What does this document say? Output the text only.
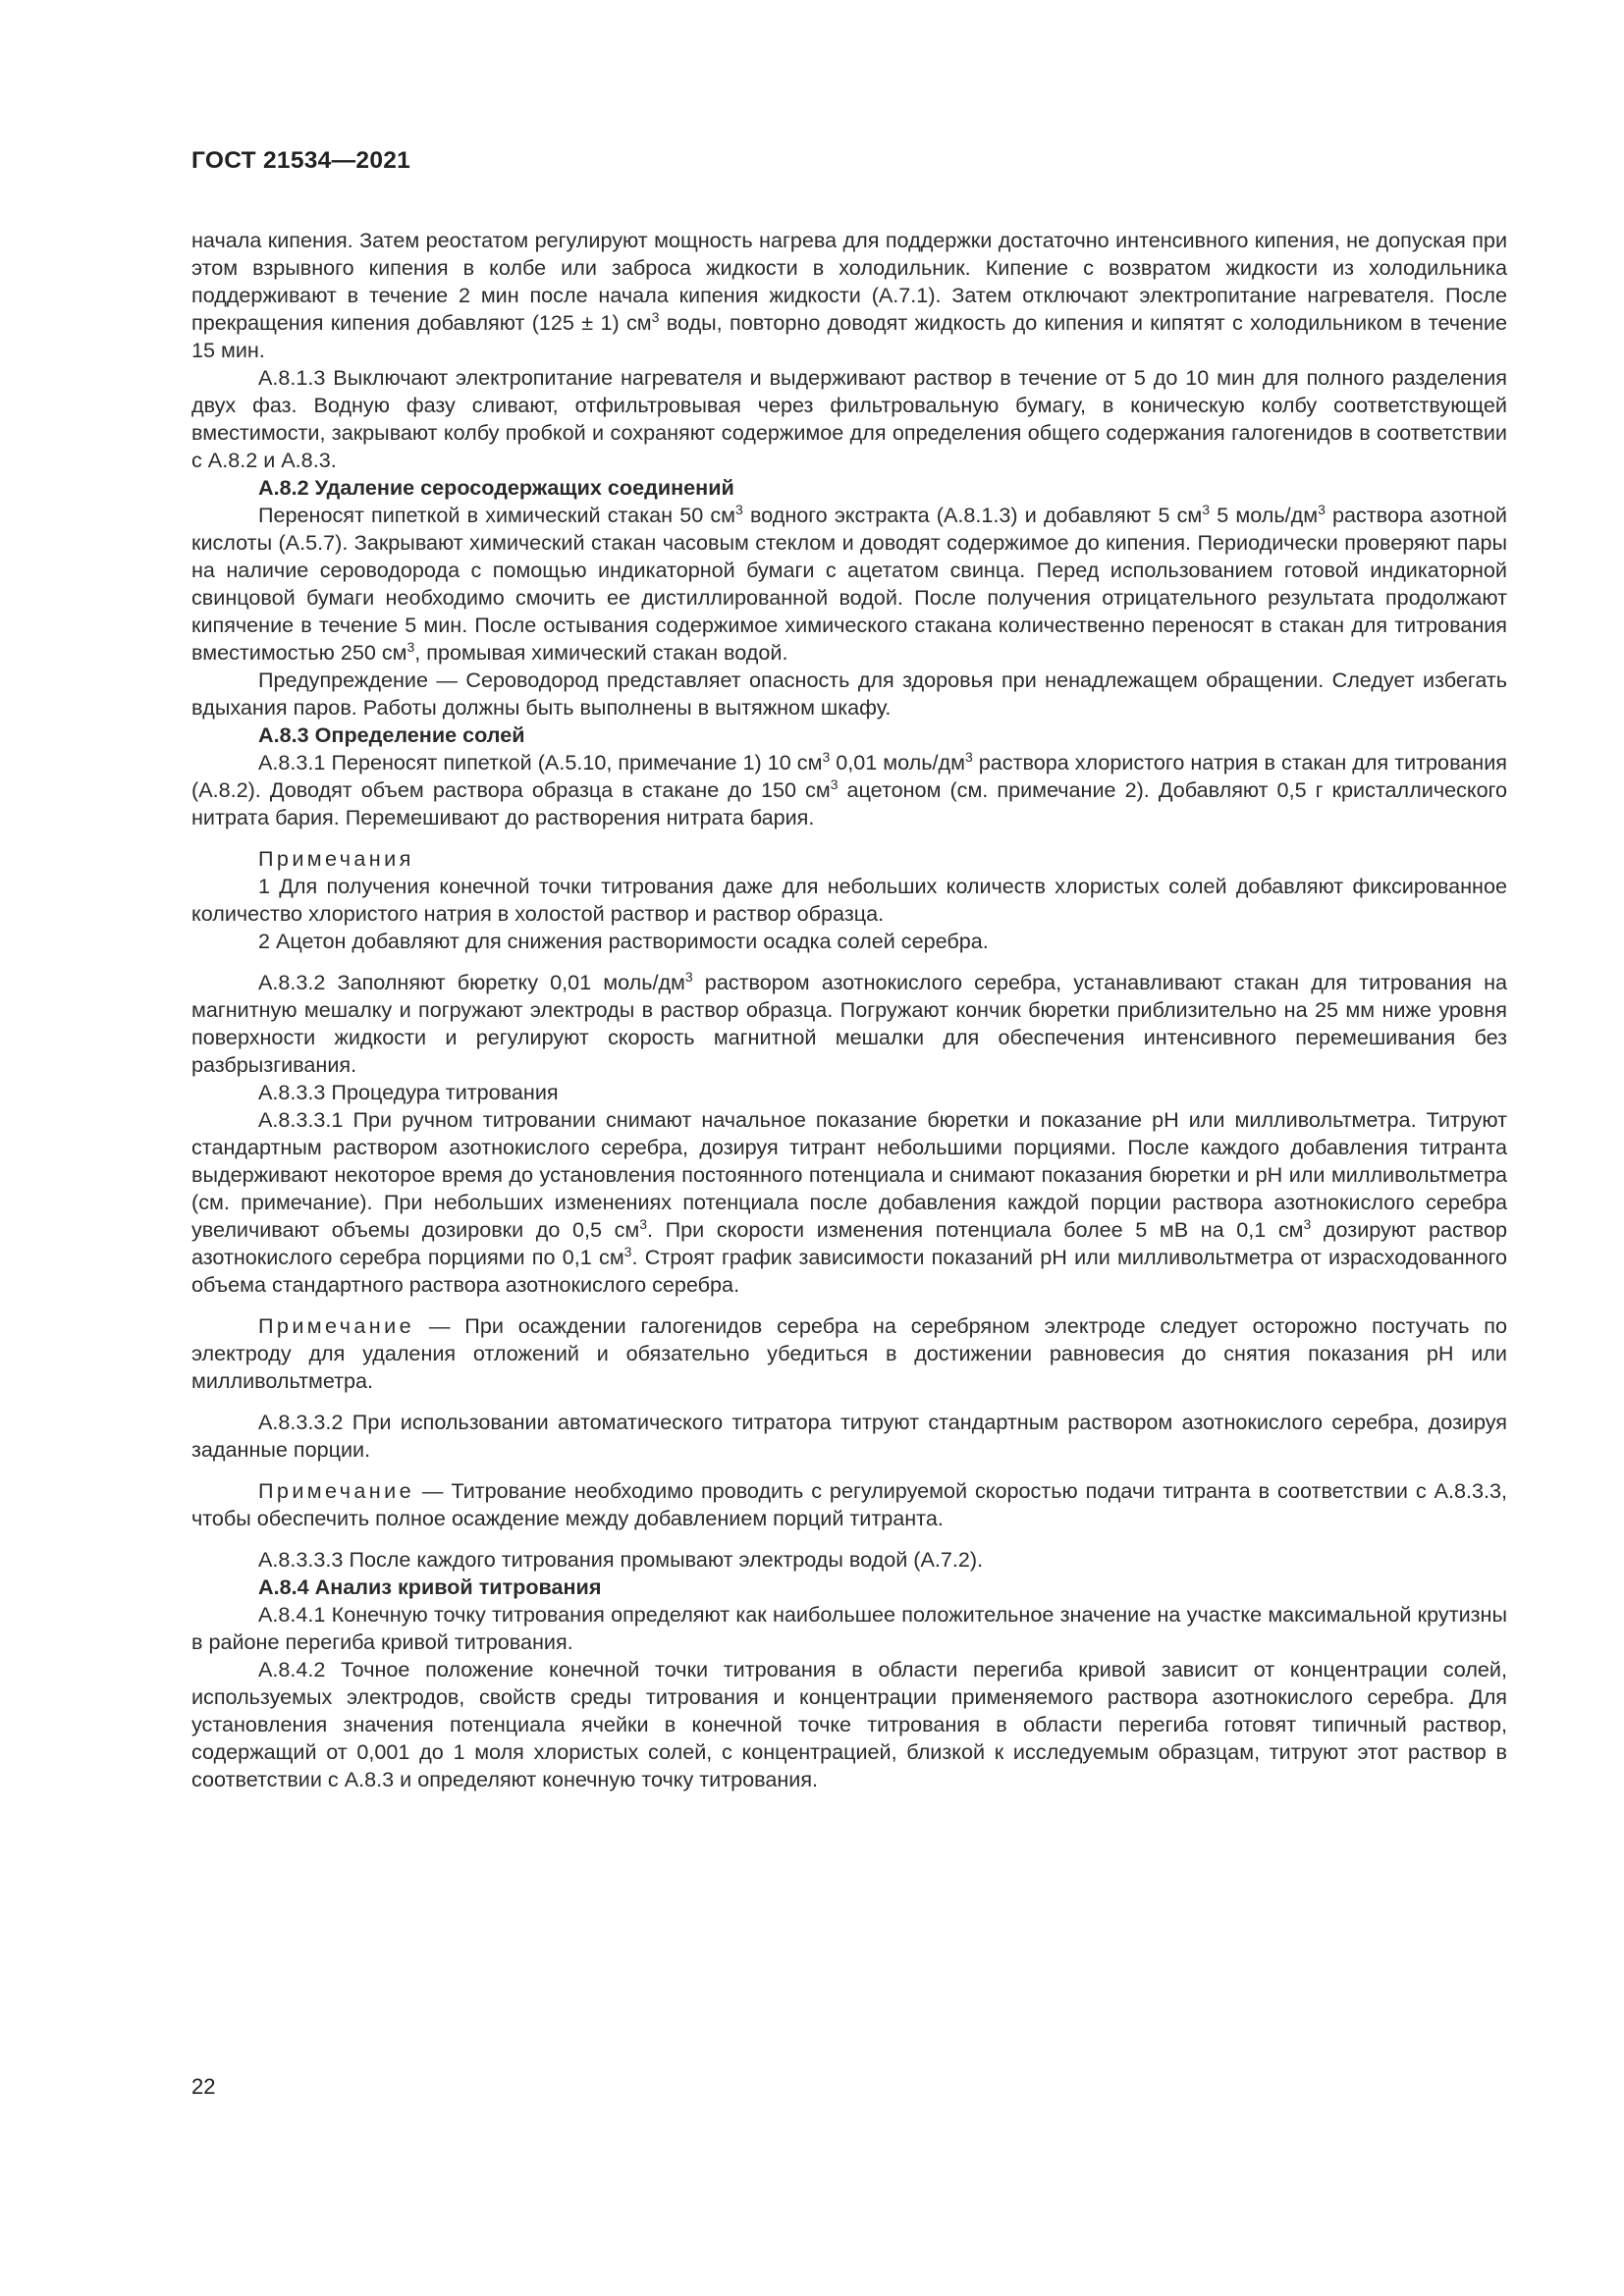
ГОСТ 21534—2021

начала кипения. Затем реостатом регулируют мощность нагрева для поддержки достаточно интенсивного кипения, не допуская при этом взрывного кипения в колбе или заброса жидкости в холодильник. Кипение с возвратом жидкости из холодильника поддерживают в течение 2 мин после начала кипения жидкости (А.7.1). Затем отключают электропитание нагревателя. После прекращения кипения добавляют (125 ± 1) $см^3$ воды, повторно доводят жидкость до кипения и кипятят с холодильником в течение 15 мин.

А.8.1.3 Выключают электропитание нагревателя и выдерживают раствор в течение от 5 до 10 мин для полного разделения двух фаз. Водную фазу сливают, отфильтровывая через фильтровальную бумагу, в коническую колбу соответствующей вместимости, закрывают колбу пробкой и сохраняют содержимое для определения общего содержания галогенидов в соответствии с А.8.2 и А.8.3.

А.8.2 Удаление серосодержащих соединений

Переносят пипеткой в химический стакан 50 $см^3$ водного экстракта (А.8.1.3) и добавляют 5 $см^3$ 5 моль/$дм^3$ раствора азотной кислоты (А.5.7). Закрывают химический стакан часовым стеклом и доводят содержимое до кипения. Периодически проверяют пары на наличие сероводорода с помощью индикаторной бумаги с ацетатом свинца. Перед использованием готовой индикаторной свинцовой бумаги необходимо смочить ее дистиллированной водой. После получения отрицательного результата продолжают кипячение в течение 5 мин. После остывания содержимое химического стакана количественно переносят в стакан для титрования вместимостью 250 $см^3$, промывая химический стакан водой.

Предупреждение — Сероводород представляет опасность для здоровья при ненадлежащем обращении. Следует избегать вдыхания паров. Работы должны быть выполнены в вытяжном шкафу.

А.8.3 Определение солей

А.8.3.1 Переносят пипеткой (А.5.10, примечание 1) 10 $см^3$ 0,01 моль/$дм^3$ раствора хлористого натрия в стакан для титрования (А.8.2). Доводят объем раствора образца в стакане до 150 $см^3$ ацетоном (см. примечание 2). Добавляют 0,5 г кристаллического нитрата бария. Перемешивают до растворения нитрата бария.

Примечания

1 Для получения конечной точки титрования даже для небольших количеств хлористых солей добавляют фиксированное количество хлористого натрия в холостой раствор и раствор образца.

2 Ацетон добавляют для снижения растворимости осадка солей серебра.

А.8.3.2 Заполняют бюретку 0,01 моль/$дм^3$ раствором азотнокислого серебра, устанавливают стакан для титрования на магнитную мешалку и погружают электроды в раствор образца. Погружают кончик бюретки приблизительно на 25 мм ниже уровня поверхности жидкости и регулируют скорость магнитной мешалки для обеспечения интенсивного перемешивания без разбрызгивания.

А.8.3.3 Процедура титрования

А.8.3.3.1 При ручном титровании снимают начальное показание бюретки и показание pH или милливольтметра. Титруют стандартным раствором азотнокислого серебра, дозируя титрант небольшими порциями. После каждого добавления титранта выдерживают некоторое время до установления постоянного потенциала и снимают показания бюретки и pH или милливольтметра (см. примечание). При небольших изменениях потенциала после добавления каждой порции раствора азотнокислого серебра увеличивают объемы дозировки до 0,5 $см^3$. При скорости изменения потенциала более 5 мВ на 0,1 $см^3$ дозируют раствор азотнокислого серебра порциями по 0,1 $см^3$. Строят график зависимости показаний pH или милливольтметра от израсходованного объема стандартного раствора азотнокислого серебра.

Примечание — При осаждении галогенидов серебра на серебряном электроде следует осторожно постучать по электроду для удаления отложений и обязательно убедиться в достижении равновесия до снятия показания pH или милливольтметра.

А.8.3.3.2 При использовании автоматического титратора титруют стандартным раствором азотнокислого серебра, дозируя заданные порции.

Примечание — Титрование необходимо проводить с регулируемой скоростью подачи титранта в соответствии с А.8.3.3, чтобы обеспечить полное осаждение между добавлением порций титранта.

А.8.3.3.3 После каждого титрования промывают электроды водой (А.7.2).

А.8.4 Анализ кривой титрования

А.8.4.1 Конечную точку титрования определяют как наибольшее положительное значение на участке максимальной крутизны в районе перегиба кривой титрования.

А.8.4.2 Точное положение конечной точки титрования в области перегиба кривой зависит от концентрации солей, используемых электродов, свойств среды титрования и концентрации применяемого раствора азотнокислого серебра. Для установления значения потенциала ячейки в конечной точке титрования в области перегиба готовят типичный раствор, содержащий от 0,001 до 1 моля хлористых солей, с концентрацией, близкой к исследуемым образцам, титруют этот раствор в соответствии с А.8.3 и определяют конечную точку титрования.

22
